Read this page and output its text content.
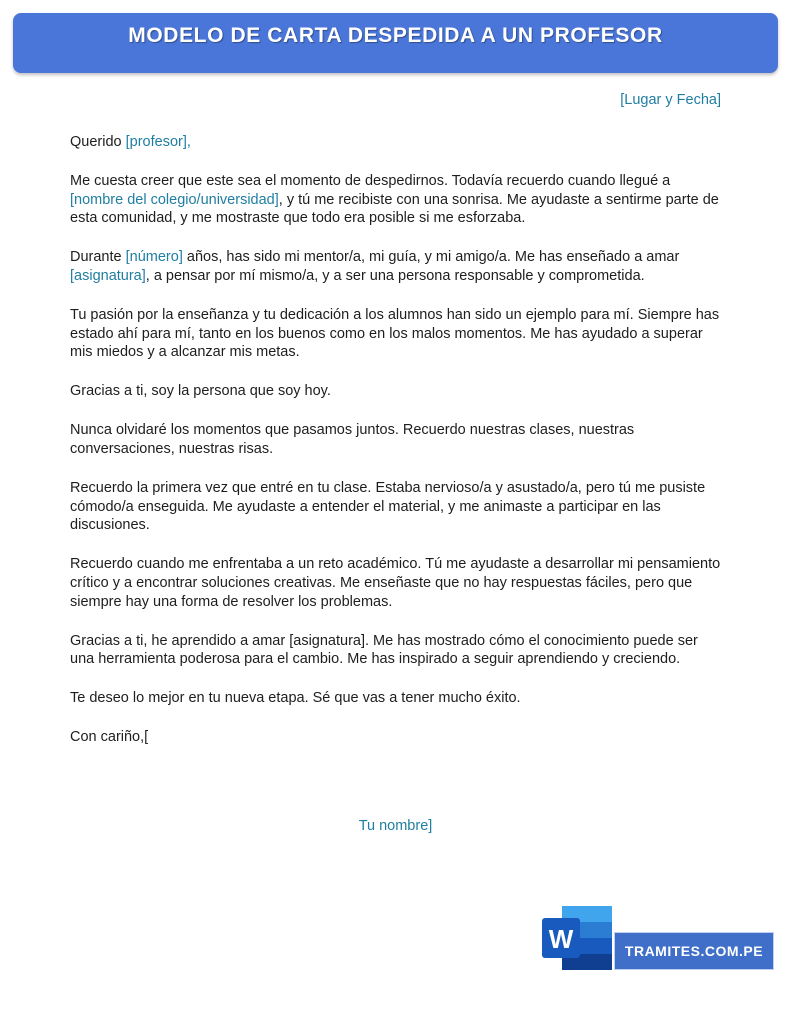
MODELO DE CARTA DESPEDIDA A UN PROFESOR
[Lugar y Fecha]

Querido [profesor],

Me cuesta creer que este sea el momento de despedirnos. Todavía recuerdo cuando llegué a [nombre del colegio/universidad], y tú me recibiste con una sonrisa. Me ayudaste a sentirme parte de esta comunidad, y me mostraste que todo era posible si me esforzaba.

Durante [número] años, has sido mi mentor/a, mi guía, y mi amigo/a. Me has enseñado a amar [asignatura], a pensar por mí mismo/a, y a ser una persona responsable y comprometida.

Tu pasión por la enseñanza y tu dedicación a los alumnos han sido un ejemplo para mí. Siempre has estado ahí para mí, tanto en los buenos como en los malos momentos. Me has ayudado a superar mis miedos y a alcanzar mis metas.

Gracias a ti, soy la persona que soy hoy.

Nunca olvidaré los momentos que pasamos juntos. Recuerdo nuestras clases, nuestras conversaciones, nuestras risas.

Recuerdo la primera vez que entré en tu clase. Estaba nervioso/a y asustado/a, pero tú me pusiste cómodo/a enseguida. Me ayudaste a entender el material, y me animaste a participar en las discusiones.

Recuerdo cuando me enfrentaba a un reto académico. Tú me ayudaste a desarrollar mi pensamiento crítico y a encontrar soluciones creativas. Me enseñaste que no hay respuestas fáciles, pero que siempre hay una forma de resolver los problemas.

Gracias a ti, he aprendido a amar [asignatura]. Me has mostrado cómo el conocimiento puede ser una herramienta poderosa para el cambio. Me has inspirado a seguir aprendiendo y creciendo.

Te deseo lo mejor en tu nueva etapa. Sé que vas a tener mucho éxito.

Con cariño,[

Tu nombre]
W	TRAMITES.COM.PE
